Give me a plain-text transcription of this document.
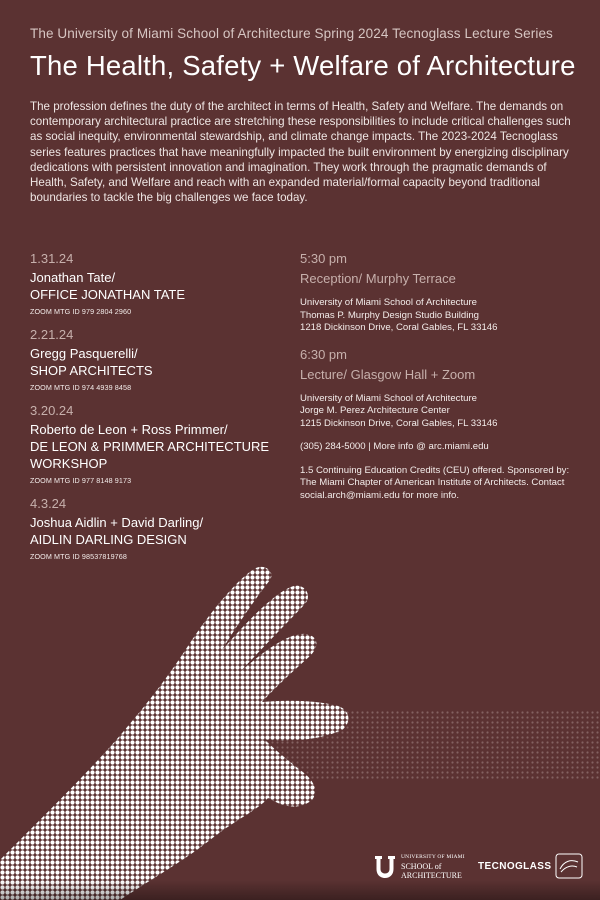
The University of Miami School of Architecture Spring 2024 Tecnoglass Lecture Series
The Health, Safety + Welfare of Architecture
The profession defines the duty of the architect in terms of Health, Safety and Welfare. The demands on contemporary architectural practice are stretching these responsibilities to include critical challenges such as social inequity, environmental stewardship, and climate change impacts. The 2023-2024 Tecnoglass series features practices that have meaningfully impacted the built environment by energizing disciplinary dedications with persistent innovation and imagination. They work through the pragmatic demands of Health, Safety, and Welfare and reach with an expanded material/formal capacity beyond traditional boundaries to tackle the big challenges we face today.
1.31.24
Jonathan Tate/
OFFICE JONATHAN TATE
ZOOM MTG ID 979 2804 2960
2.21.24
Gregg Pasquerelli/
SHOP ARCHITECTS
ZOOM MTG ID 974 4939 8458
3.20.24
Roberto de Leon + Ross Primmer/
DE LEON & PRIMMER ARCHITECTURE WORKSHOP
ZOOM MTG ID 977 8148 9173
4.3.24
Joshua Aidlin + David Darling/
AIDLIN DARLING DESIGN
ZOOM MTG ID 98537819768
5:30 pm
Reception/ Murphy Terrace
University of Miami School of Architecture
Thomas P. Murphy Design Studio Building
1218 Dickinson Drive, Coral Gables, FL 33146
6:30 pm
Lecture/ Glasgow Hall + Zoom
University of Miami School of Architecture
Jorge M. Perez Architecture Center
1215 Dickinson Drive, Coral Gables, FL 33146
(305) 284-5000 | More info @ arc.miami.edu
1.5 Continuing Education Credits (CEU) offered. Sponsored by: The Miami Chapter of American Institute of Architects. Contact social.arch@miami.edu for more info.
UNIVERSITY OF MIAMI
SCHOOL of
ARCHITECTURE
TECNOGLASS
